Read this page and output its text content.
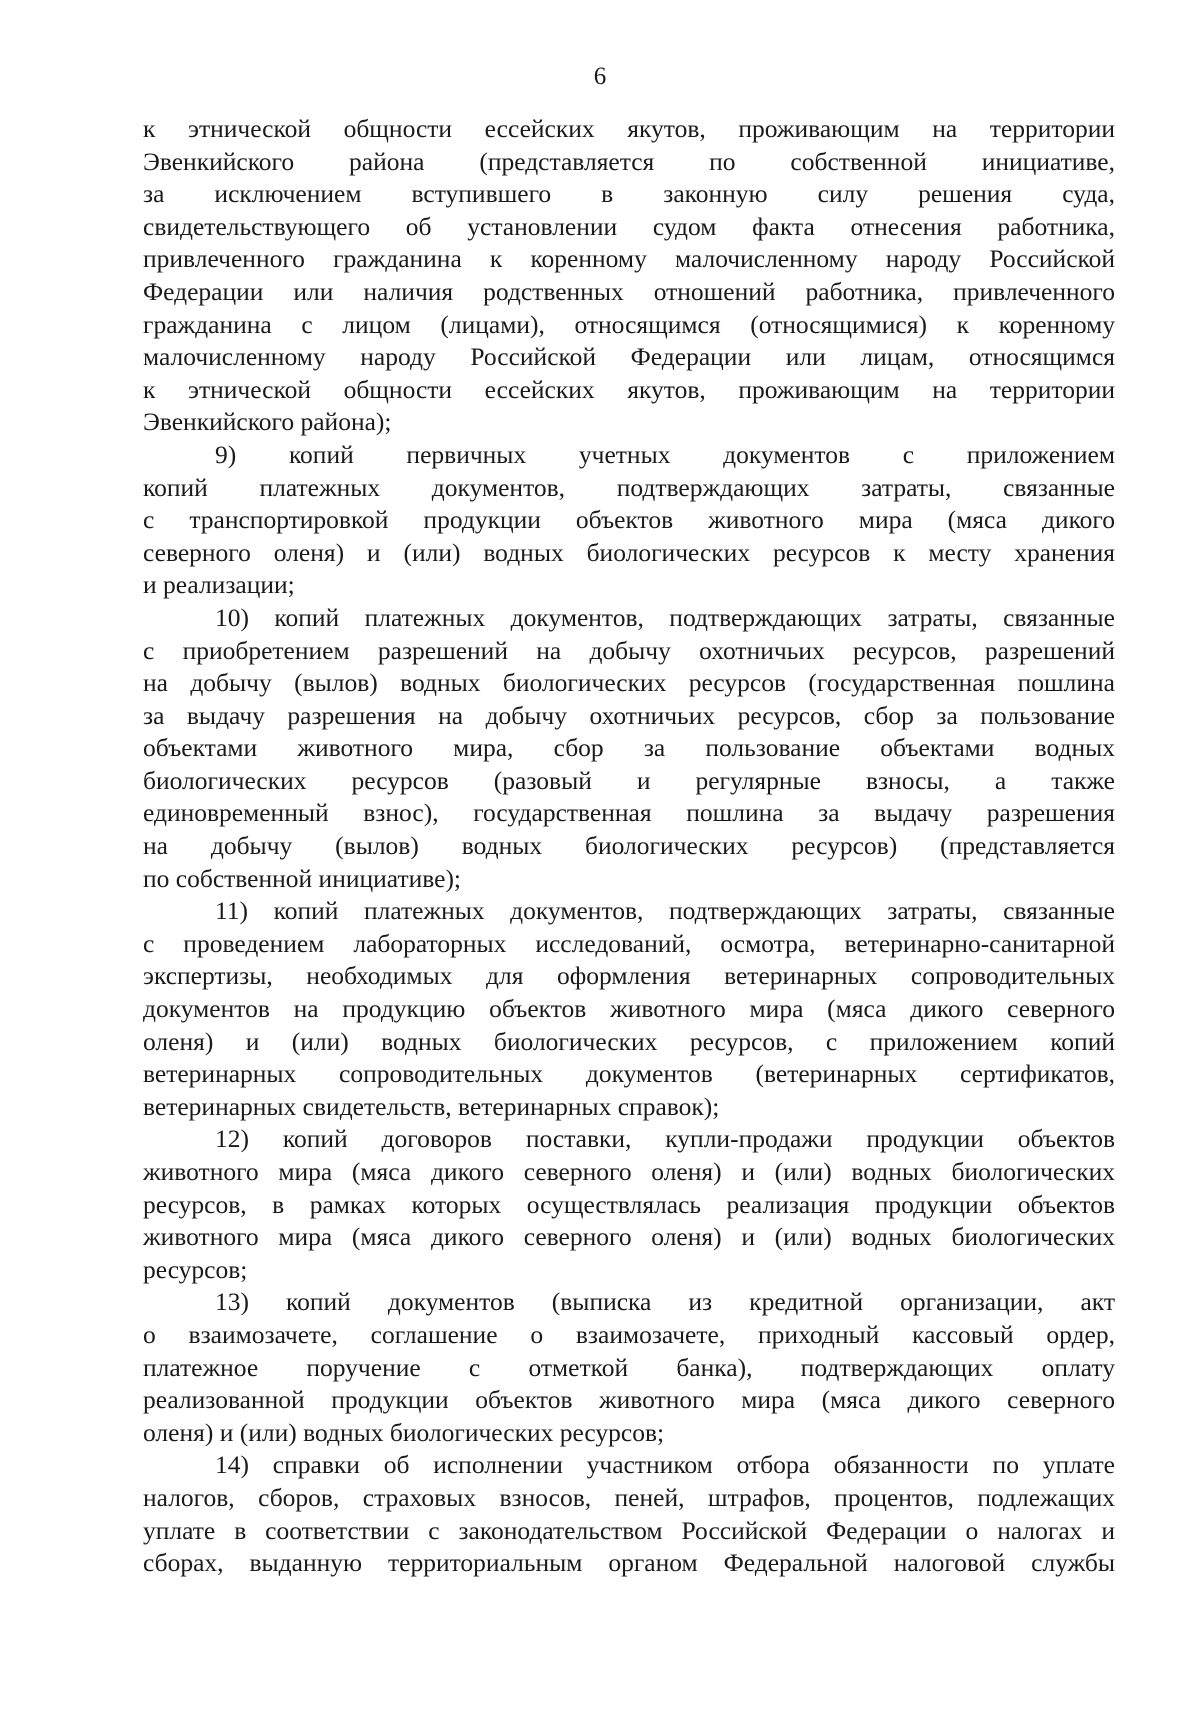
6
к этнической общности ессейских якутов, проживающим на территории
Эвенкийского района (представляется по собственной инициативе,
за исключением вступившего в законную силу решения суда,
свидетельствующего об установлении судом факта отнесения работника,
привлеченного гражданина к коренному малочисленному народу Российской
Федерации или наличия родственных отношений работника, привлеченного
гражданина с лицом (лицами), относящимся (относящимися) к коренному
малочисленному народу Российской Федерации или лицам, относящимся
к этнической общности ессейских якутов, проживающим на территории
Эвенкийского района);
9) копий первичных учетных документов с приложением
копий платежных документов, подтверждающих затраты, связанные
с транспортировкой продукции объектов животного мира (мяса дикого
северного оленя) и (или) водных биологических ресурсов к месту хранения
и реализации;
10) копий платежных документов, подтверждающих затраты, связанные
с приобретением разрешений на добычу охотничьих ресурсов, разрешений
на добычу (вылов) водных биологических ресурсов (государственная пошлина
за выдачу разрешения на добычу охотничьих ресурсов, сбор за пользование
объектами животного мира, сбор за пользование объектами водных
биологических ресурсов (разовый и регулярные взносы, а также
единовременный взнос), государственная пошлина за выдачу разрешения
на добычу (вылов) водных биологических ресурсов) (представляется
по собственной инициативе);
11) копий платежных документов, подтверждающих затраты, связанные
с проведением лабораторных исследований, осмотра, ветеринарно-санитарной
экспертизы, необходимых для оформления ветеринарных сопроводительных
документов на продукцию объектов животного мира (мяса дикого северного
оленя) и (или) водных биологических ресурсов, с приложением копий
ветеринарных сопроводительных документов (ветеринарных сертификатов,
ветеринарных свидетельств, ветеринарных справок);
12) копий договоров поставки, купли-продажи продукции объектов
животного мира (мяса дикого северного оленя) и (или) водных биологических
ресурсов, в рамках которых осуществлялась реализация продукции объектов
животного мира (мяса дикого северного оленя) и (или) водных биологических
ресурсов;
13) копий документов (выписка из кредитной организации, акт
о взаимозачете, соглашение о взаимозачете, приходный кассовый ордер,
платежное поручение с отметкой банка), подтверждающих оплату
реализованной продукции объектов животного мира (мяса дикого северного
оленя) и (или) водных биологических ресурсов;
14) справки об исполнении участником отбора обязанности по уплате
налогов, сборов, страховых взносов, пеней, штрафов, процентов, подлежащих
уплате в соответствии с законодательством Российской Федерации о налогах и
сборах, выданную территориальным органом Федеральной налоговой службы
